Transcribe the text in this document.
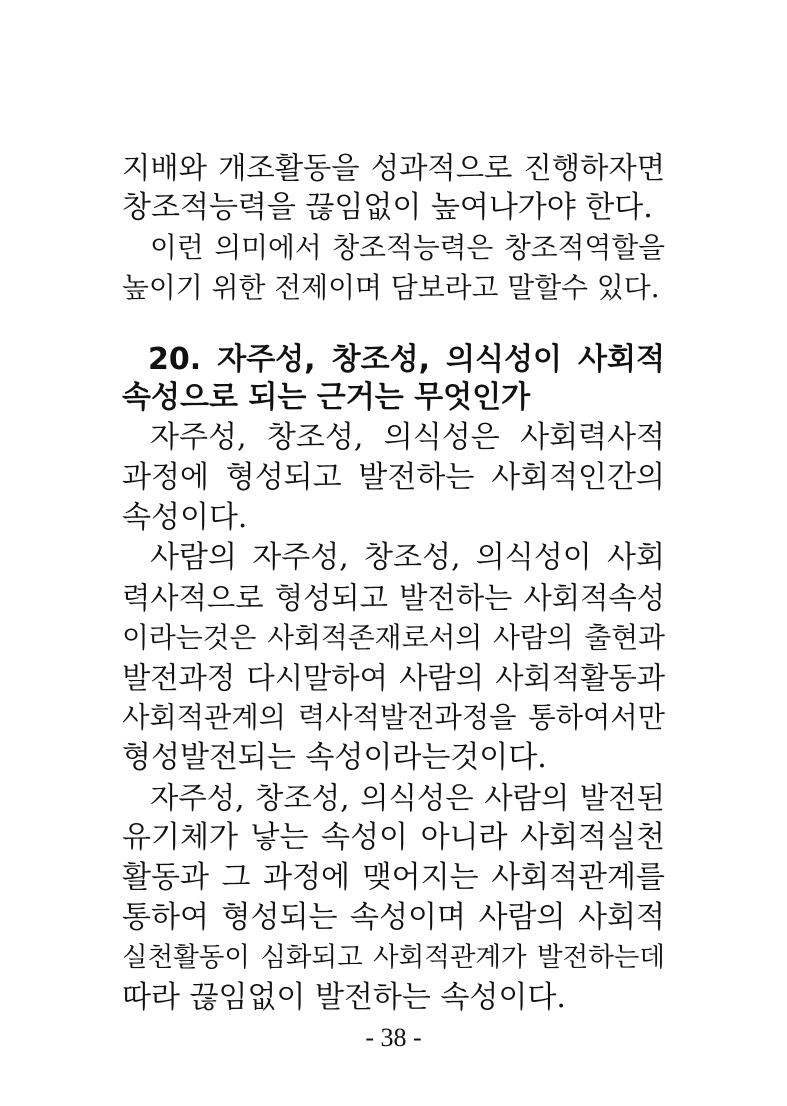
지배와 개조활동을 성과적으로 진행하자면
창조적능력을 끊임없이 높여나가야 한다.
이런 의미에서 창조적능력은 창조적역할을
높이기 위한 전제이며 담보라고 말할수 있다.
20. 자주성, 창조성, 의식성이 사회적
속성으로 되는 근거는 무엇인가
자주성, 창조성, 의식성은 사회력사적
과정에 형성되고 발전하는 사회적인간의
속성이다.
사람의 자주성, 창조성, 의식성이 사회
력사적으로 형성되고 발전하는 사회적속성
이라는것은 사회적존재로서의 사람의 출현과
발전과정 다시말하여 사람의 사회적활동과
사회적관계의 력사적발전과정을 통하여서만
형성발전되는 속성이라는것이다.
자주성, 창조성, 의식성은 사람의 발전된
유기체가 낳는 속성이 아니라 사회적실천
활동과 그 과정에 맺어지는 사회적관계를
통하여 형성되는 속성이며 사람의 사회적
실천활동이 심화되고 사회적관계가 발전하는데
따라 끊임없이 발전하는 속성이다.
- 38 -
